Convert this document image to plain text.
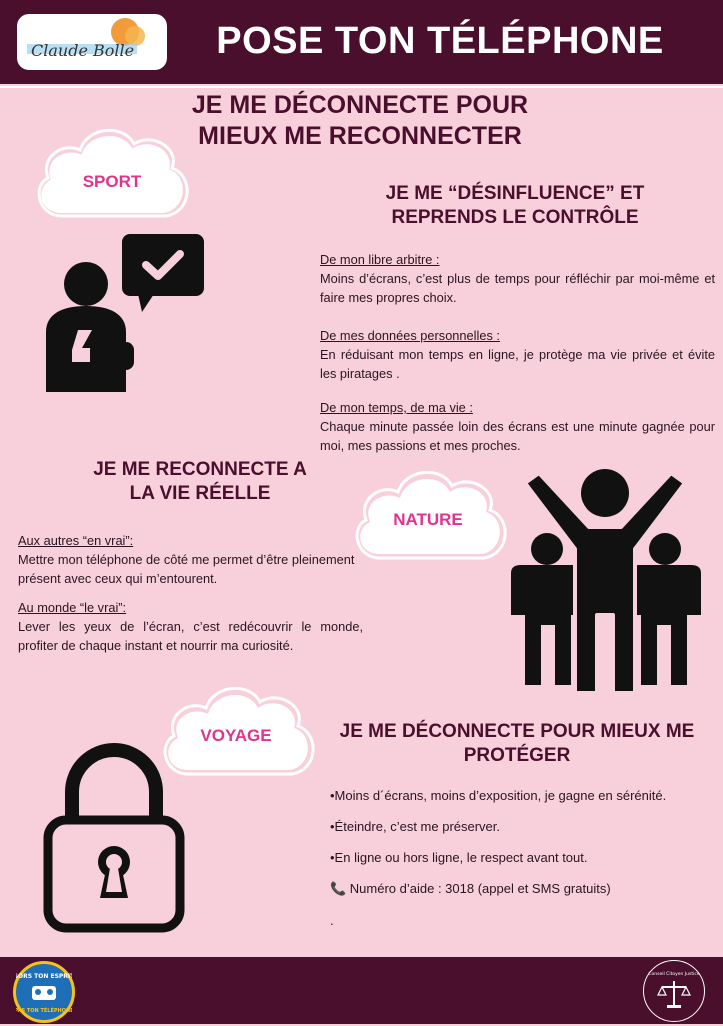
Claude Bolle	POSE TON TÉLÉPHONE
JE ME DÉCONNECTE POUR
MIEUX ME RECONNECTER
SPORT
JE ME “DÉSINFLUENCE” ET
REPRENDS LE CONTRÔLE
De mon libre arbitre :
Moins d’écrans, c’est plus de temps pour réfléchir par moi-même et faire mes propres choix.
De mes données personnelles :
En réduisant mon temps en ligne, je protège ma vie privée et évite les piratages .
De mon temps, de ma vie :
Chaque minute passée loin des écrans est une minute gagnée pour moi, mes passions et mes proches.
JE ME RECONNECTE A
LA VIE RÉELLE
NATURE
Aux autres “en vrai”:
Mettre mon téléphone de côté me permet d’être pleinement présent avec ceux qui m’entourent.
Au monde “le vrai”:
Lever les yeux de l’écran, c’est redécouvrir le monde, profiter de chaque instant et nourrir ma curiosité.
VOYAGE	JE ME DÉCONNECTE POUR MIEUX ME
PROTÉGER
•Moins d´écrans, moins d’exposition, je gagne en sérénité.
•Éteindre, c’est me préserver.
•En ligne ou hors ligne, le respect avant tout.
📞 Numéro d’aide : 3018 (appel et SMS gratuits)
.
SORS TON ESPRIT
PAS TON TÉLÉPHONE
Conseil Citoyen Justice
